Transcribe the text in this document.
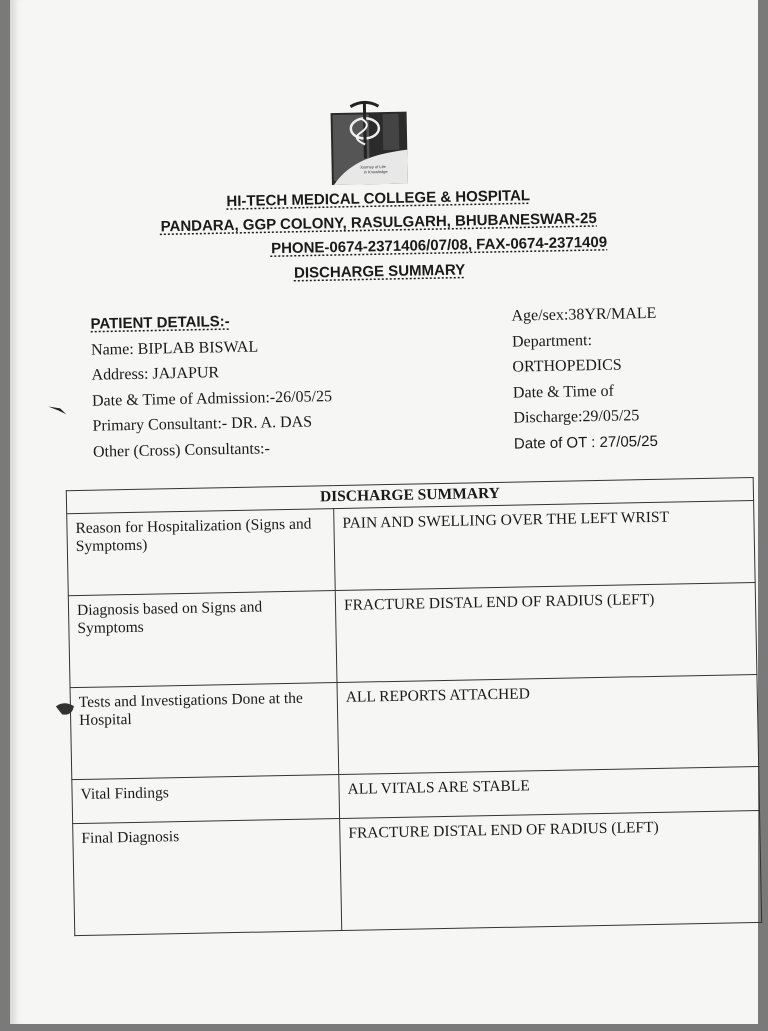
Journey of Life
in Knowledge
HI-TECH MEDICAL COLLEGE & HOSPITAL
PANDARA, GGP COLONY, RASULGARH, BHUBANESWAR-25
PHONE-0674-2371406/07/08, FAX-0674-2371409
DISCHARGE SUMMARY
PATIENT DETAILS:-
Name: BIPLAB BISWAL
Address: JAJAPUR
Date & Time of Admission:-26/05/25
Primary Consultant:- DR. A. DAS
Other (Cross) Consultants:-
Age/sex:38YR/MALE
Department:
ORTHOPEDICS
Date & Time of
Discharge:29/05/25
Date of OT : 27/05/25
DISCHARGE SUMMARY	
Reason for Hospitalization (Signs and Symptoms)	PAIN AND SWELLING OVER THE LEFT WRIST
Diagnosis based on Signs and Symptoms	FRACTURE DISTAL END OF RADIUS (LEFT)
Tests and Investigations Done at the Hospital	ALL REPORTS ATTACHED
Vital Findings	ALL VITALS ARE STABLE
Final Diagnosis	FRACTURE DISTAL END OF RADIUS (LEFT)
